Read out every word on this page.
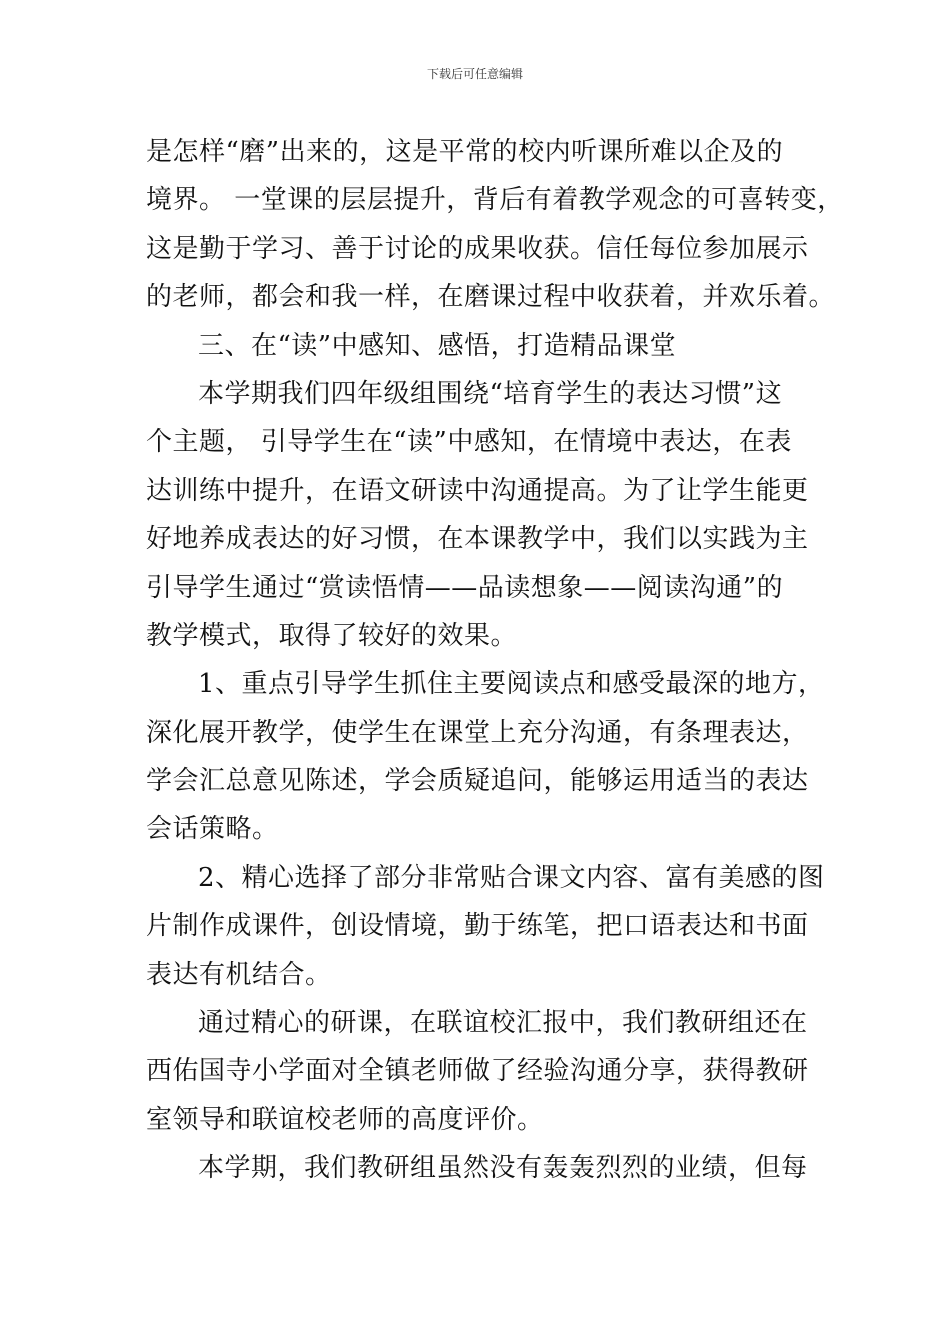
下载后可任意编辑
是怎样“磨”出来的，这是平常的校内听课所难以企及的
境界。 一堂课的层层提升，背后有着教学观念的可喜转变，
这是勤于学习、善于讨论的成果收获。信任每位参加展示
的老师，都会和我一样，在磨课过程中收获着，并欢乐着。
三、在“读”中感知、感悟，打造精品课堂
本学期我们四年级组围绕“培育学生的表达习惯”这
个主题， 引导学生在“读”中感知，在情境中表达，在表
达训练中提升，在语文研读中沟通提高。为了让学生能更
好地养成表达的好习惯，在本课教学中，我们以实践为主
引导学生通过“赏读悟情——品读想象——阅读沟通”的
教学模式，取得了较好的效果。
1、重点引导学生抓住主要阅读点和感受最深的地方，
深化展开教学，使学生在课堂上充分沟通，有条理表达，
学会汇总意见陈述，学会质疑追问，能够运用适当的表达
会话策略。
2、精心选择了部分非常贴合课文内容、富有美感的图
片制作成课件，创设情境，勤于练笔，把口语表达和书面
表达有机结合。
通过精心的研课，在联谊校汇报中，我们教研组还在
西佑国寺小学面对全镇老师做了经验沟通分享，获得教研
室领导和联谊校老师的高度评价。
本学期，我们教研组虽然没有轰轰烈烈的业绩，但每
